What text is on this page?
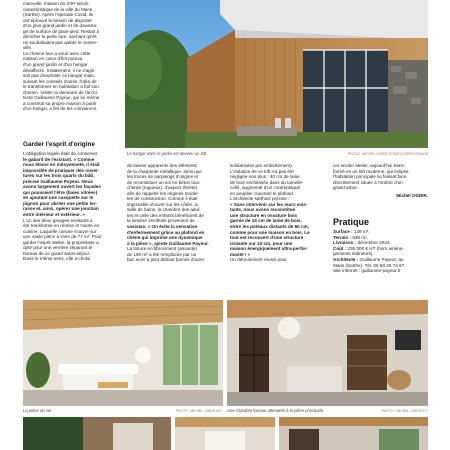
mancelle, maison du XIXᵉ siècle
caractéristique de la ville du Mans
(Sarthe). Après l'épisode Covid, ils
ont éprouvé le besoin de disposer
d'un plus grand jardin et de davanta-
ge de surface de plain-pied. Restait à
dénicher la perle rare, sachant qu'ils
ne souhaitaient pas quitter le centre-
ville.
La chance leur a souri avec cette
maison en cœur d'îlot pourvu
d'un grand jardin et d'un hangar
désaffecté. Initialement, il ne s'agis-
sait pas d'exploiter ce hangar mais,
suivant les conseils d'amis, l'idée de
le transformer en habitation a fait son
chemin. Visiter la demeure de l'archi-
tecte Guillaume Payeur, qui lui-même
a construit sa propre maison à partir
d'un hangar, a fini de les convaincre.
Le hangar dans le jardin est devenu un loft.	PHOTO : MICHEL OGIER-STUDIO OGIER-FRANCE
Garder l'esprit d'origine
L'obligation légale était de conserver
le gabarit de l'existant. « Comme
nous étions en mitoyenneté, il était
impossible de pratiquer des ouver-
tures sur les trois quarts du bâti,
précise Guillaume Payeur. Nous
avons largement ouvert les façades
qui pouvaient l'être (baies vitrées)
en ajoutant une casquette sur le
pignon pour abriter une petite ter-
rasse et, ainsi, opérer une jonction
entre intérieur et extérieur. »
L'un des deux garages existants a
été transformé en remise et l'autre en
cuisine. Laquelle cuisine s'ouvre sur
une vaste pièce à vivre de 77 m². Pour
garder l'esprit atelier, la propriétaire a
opté pour une verrière séparant le
bureau de ce grand salon-séjour.
Dans le même sens, elle a choisi
de laisser apparents des éléments
de la charpente métallique, ainsi que
les traces de parpaings d'origine et
de reconstituer un sol en béton bou-
chardé (rugueux), d'aspect ébrétel,
afin de rappeler les origines moder-
tes de construction. Comme il était
impossible d'ouvrir sur les côtés, la
salle de bains, la chambre des adul-
tes et celle des enfants bénéficient de
la lumière zénithale provenant de
vasistas. « On évite la sensation
d'enfermement grâce au plafond en
chêne qui imprime une dynamique
à la pièce », ajoute Guillaume Payeur.
La toiture en fibrociment (amiante)
de 190 m² a été remplacée par un
bac acier à joint debout (lames d'acier
solidarisées par emboîtement).
L'isolation de ce loft n'a pas été
négligée non plus : 40 cm de laine
de bois enchâssée dans du lamellé-
collé, augmenté d'un contreplaqué
en peuplier couvrant le plafond.
L'architecte sarthois précise :
« Sans intervenir sur les murs exis-
tants, nous avons reconstitué
une structure en ossature bois
garnie de 14 cm de laine de bois,
entre les poteaux distants de 60 cm,
comme pour une maison en bois. Le
tout est recouvert d'une structure
isolante sur 10 cm, pour une
maison énergiquement ultra-perfor-
mante ! »
Un déroulement réussi pour
cet ancien atelier, aujourd'hui trans-
formé en un loft moderne, qui éclipse
l'habitation principale lui faisant face,
discrètement située à l'ombre d'un
grand arbre.
Michel OGIER.
Pratique
Surface : 149 m².
Terrain : 638 m².
Livraison : décembre 2024.
Coût : 235 000 € HT (hors aména-
gements intérieurs).
Architecte : Guillaume Payeur, au
Mans (Sarthe). Tél. 06 50 26 74 67.
Site internet : guillaume-payeur.fr
La pièce de vie.	PHOTO : MICHEL OGIER-S.F. Une chambre bureau attenante à la pièce principale.	PHOTO : MICHEL OGIER-S.F.
